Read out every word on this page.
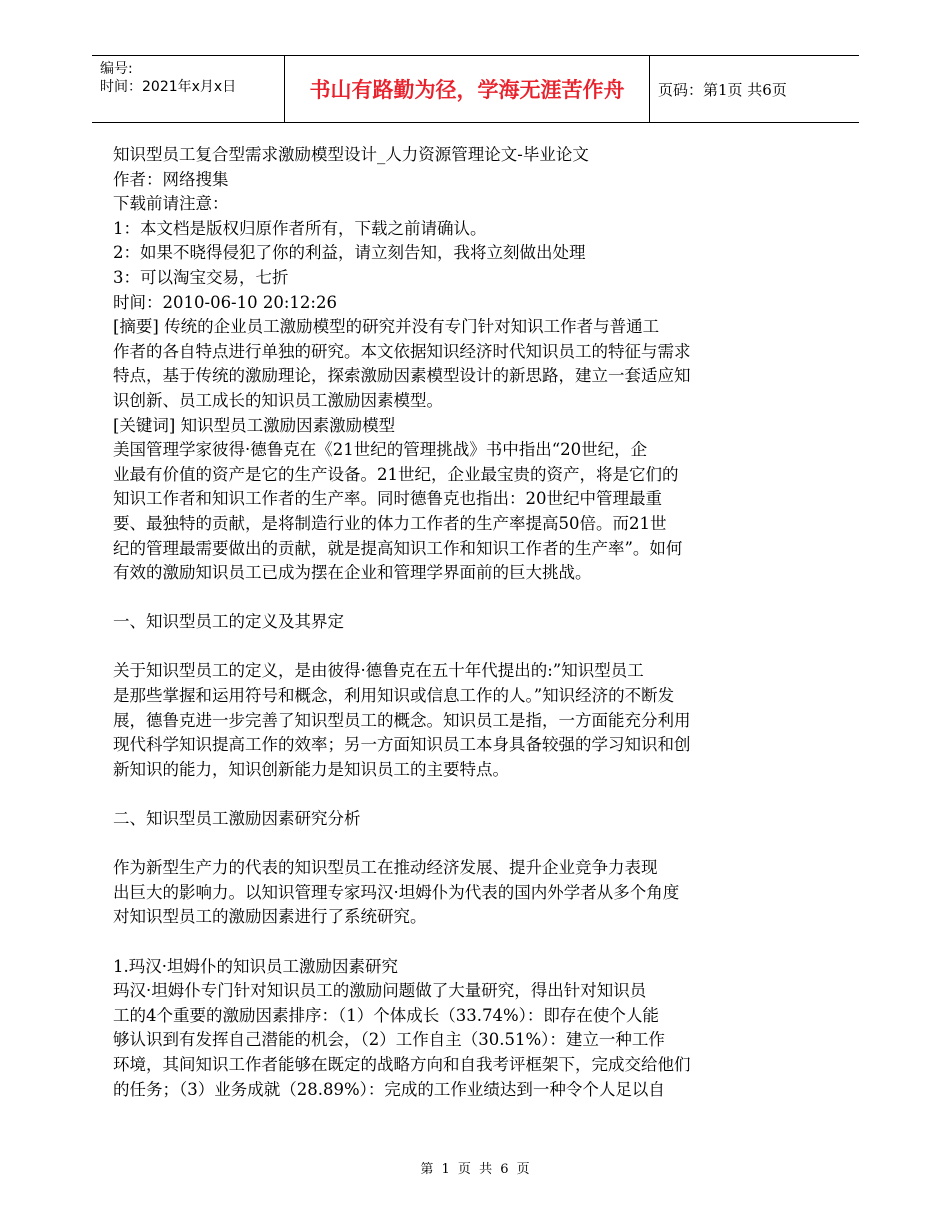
编号:
时间：2021年x月x日	书山有路勤为径，学海无涯苦作舟	页码：第1页 共6页
知识型员工复合型需求激励模型设计_人力资源管理论文-毕业论文
作者：网络搜集
下载前请注意：
1：本文档是版权归原作者所有，下载之前请确认。
2：如果不晓得侵犯了你的利益，请立刻告知，我将立刻做出处理
3：可以淘宝交易，七折
时间：2010-06-10 20:12:26
[摘要] 传统的企业员工激励模型的研究并没有专门针对知识工作者与普通工
作者的各自特点进行单独的研究。本文依据知识经济时代知识员工的特征与需求
特点，基于传统的激励理论，探索激励因素模型设计的新思路，建立一套适应知
识创新、员工成长的知识员工激励因素模型。
[关键词] 知识型员工激励因素激励模型
美国管理学家彼得·德鲁克在《21世纪的管理挑战》书中指出“20世纪，企
业最有价值的资产是它的生产设备。21世纪，企业最宝贵的资产，将是它们的
知识工作者和知识工作者的生产率。同时德鲁克也指出：20世纪中管理最重
要、最独特的贡献，是将制造行业的体力工作者的生产率提高50倍。而21世
纪的管理最需要做出的贡献，就是提高知识工作和知识工作者的生产率”。如何
有效的激励知识员工已成为摆在企业和管理学界面前的巨大挑战。
一、知识型员工的定义及其界定
关于知识型员工的定义，是由彼得·德鲁克在五十年代提出的:”知识型员工
是那些掌握和运用符号和概念，利用知识或信息工作的人。”知识经济的不断发
展，德鲁克进一步完善了知识型员工的概念。知识员工是指，一方面能充分利用
现代科学知识提高工作的效率；另一方面知识员工本身具备较强的学习知识和创
新知识的能力，知识创新能力是知识员工的主要特点。
二、知识型员工激励因素研究分析
作为新型生产力的代表的知识型员工在推动经济发展、提升企业竞争力表现
出巨大的影响力。以知识管理专家玛汉·坦姆仆为代表的国内外学者从多个角度
对知识型员工的激励因素进行了系统研究。
1.玛汉·坦姆仆的知识员工激励因素研究
玛汉·坦姆仆专门针对知识员工的激励问题做了大量研究，得出针对知识员
工的4个重要的激励因素排序：（1）个体成长（33.74%）：即存在使个人能
够认识到有发挥自己潜能的机会，（2）工作自主（30.51%）：建立一种工作
环境，其间知识工作者能够在既定的战略方向和自我考评框架下，完成交给他们
的任务；（3）业务成就（28.89%）：完成的工作业绩达到一种令个人足以自
第 1 页 共 6 页
